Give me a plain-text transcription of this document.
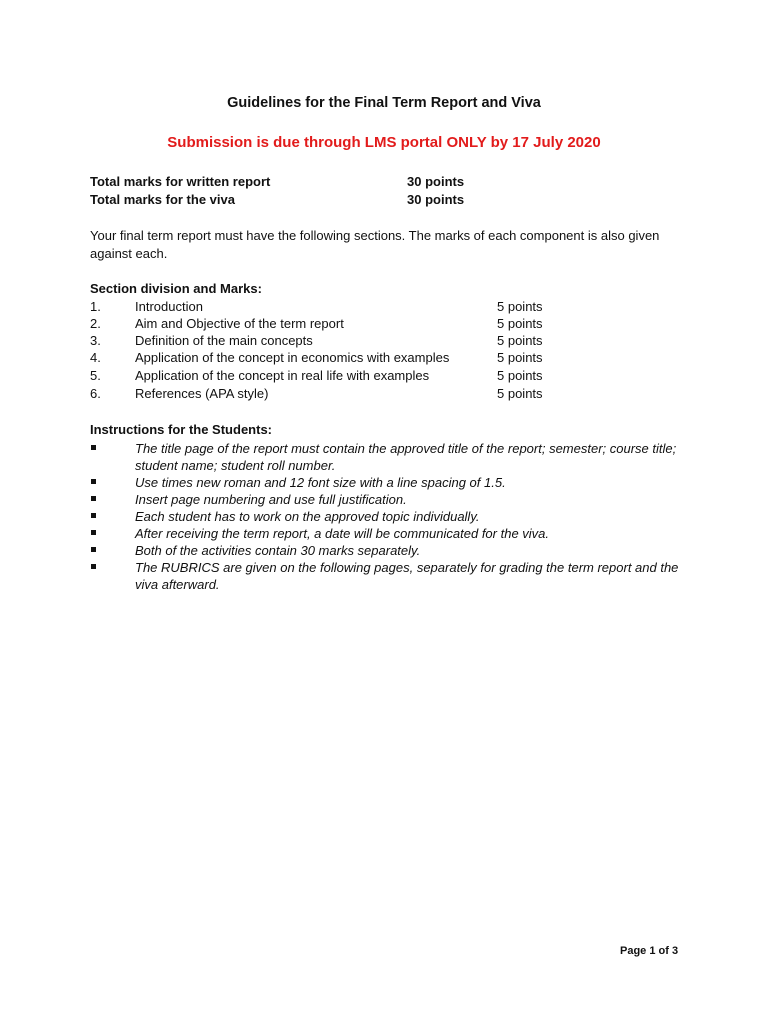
Guidelines for the Final Term Report and Viva
Submission is due through LMS portal ONLY by 17 July 2020
Total marks for written report	30 points
Total marks for the viva	30 points
Your final term report must have the following sections. The marks of each component is also given against each.
Section division and Marks:
1.	Introduction	5 points
2.	Aim and Objective of the term report	5 points
3.	Definition of the main concepts	5 points
4.	Application of the concept in economics with examples	5 points
5.	Application of the concept in real life with examples	5 points
6.	References (APA style)	5 points
Instructions for the Students:
The title page of the report must contain the approved title of the report; semester; course title; student name; student roll number.
Use times new roman and 12 font size with a line spacing of 1.5.
Insert page numbering and use full justification.
Each student has to work on the approved topic individually.
After receiving the term report, a date will be communicated for the viva.
Both of the activities contain 30 marks separately.
The RUBRICS are given on the following pages, separately for grading the term report and the viva afterward.
Page 1 of 3
